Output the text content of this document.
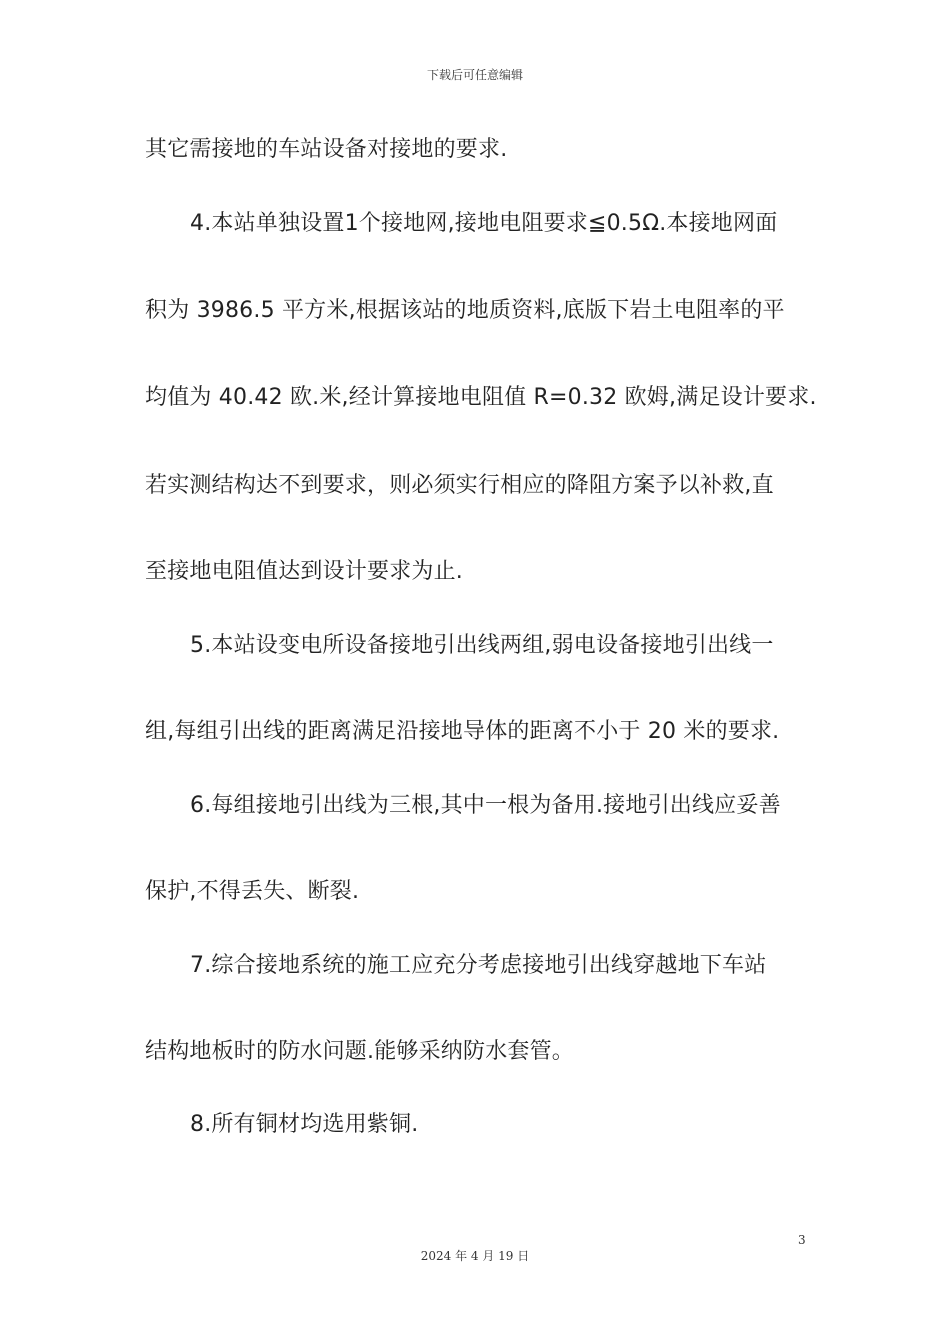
下载后可任意编辑
其它需接地的车站设备对接地的要求.
4.本站单独设置1个接地网,接地电阻要求≦0.5Ω.本接地网面
积为 3986.5 平方米,根据该站的地质资料,底版下岩土电阻率的平
均值为 40.42 欧.米,经计算接地电阻值 R=0.32 欧姆,满足设计要求.
若实测结构达不到要求，则必须实行相应的降阻方案予以补救,直
至接地电阻值达到设计要求为止.
5.本站设变电所设备接地引出线两组,弱电设备接地引出线一
组,每组引出线的距离满足沿接地导体的距离不小于 20 米的要求.
6.每组接地引出线为三根,其中一根为备用.接地引出线应妥善
保护,不得丢失、断裂.
7.综合接地系统的施工应充分考虑接地引出线穿越地下车站
结构地板时的防水问题.能够采纳防水套管。
8.所有铜材均选用紫铜.
3
2024 年 4 月 19 日
